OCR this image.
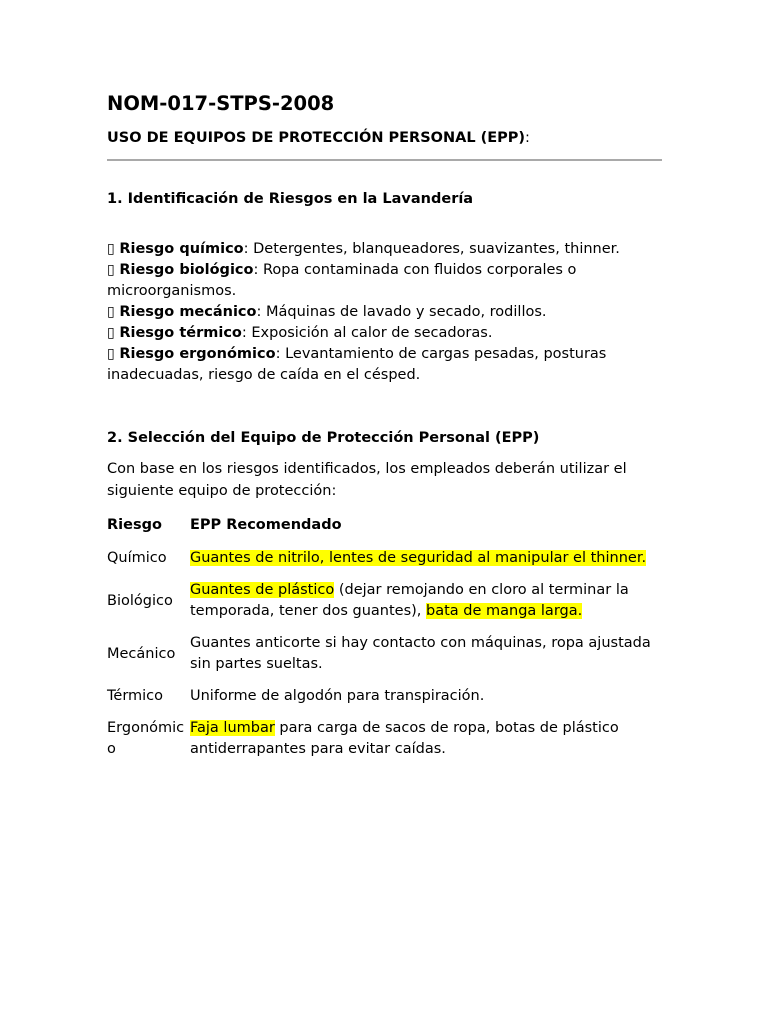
NOM-017-STPS-2008
USO DE EQUIPOS DE PROTECCIÓN PERSONAL (EPP):
1. Identificación de Riesgos en la Lavandería
▯ Riesgo químico: Detergentes, blanqueadores, suavizantes, thinner.
▯ Riesgo biológico: Ropa contaminada con fluidos corporales o microorganismos.
▯ Riesgo mecánico: Máquinas de lavado y secado, rodillos.
▯ Riesgo térmico: Exposición al calor de secadoras.
▯ Riesgo ergonómico: Levantamiento de cargas pesadas, posturas inadecuadas, riesgo de caída en el césped.
2. Selección del Equipo de Protección Personal (EPP)
Con base en los riesgos identificados, los empleados deberán utilizar el siguiente equipo de protección:
Riesgo	EPP Recomendado
Químico	Guantes de nitrilo, lentes de seguridad al manipular el thinner.
Biológico	Guantes de plástico (dejar remojando en cloro al terminar la temporada, tener dos guantes), bata de manga larga.
Mecánico	Guantes anticorte si hay contacto con máquinas, ropa ajustada sin partes sueltas.
Térmico	Uniforme de algodón para transpiración.
Ergonómico	Faja lumbar para carga de sacos de ropa, botas de plástico antiderrapantes para evitar caídas.
